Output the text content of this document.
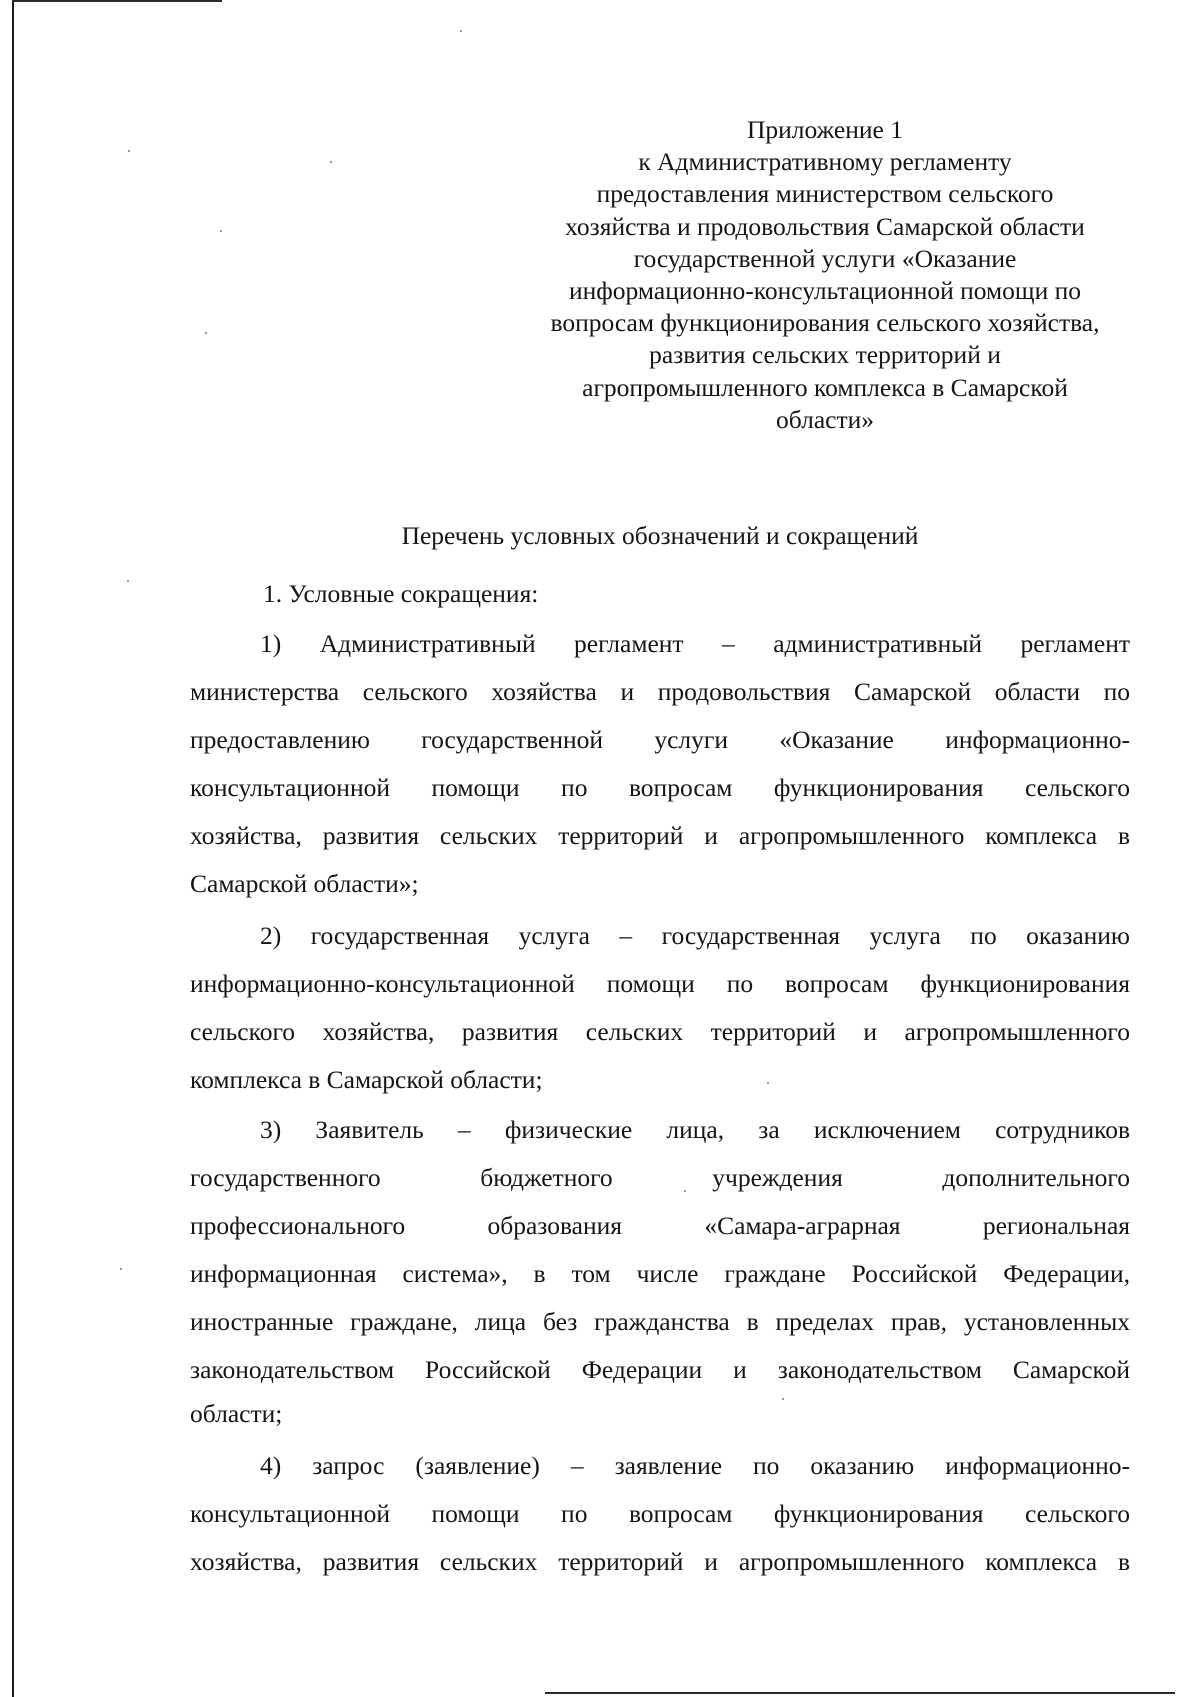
Приложение 1
к Административному регламенту
предоставления министерством сельского
хозяйства и продовольствия Самарской области
государственной услуги «Оказание
информационно-консультационной помощи по
вопросам функционирования сельского хозяйства,
развития сельских территорий и
агропромышленного комплекса в Самарской
области»
Перечень условных обозначений и сокращений
1. Условные сокращения:
1) Административный регламент – административный регламент
министерства сельского хозяйства и продовольствия Самарской области по
предоставлению государственной услуги «Оказание информационно-
консультационной помощи по вопросам функционирования сельского
хозяйства, развития сельских территорий и агропромышленного комплекса в
Самарской области»;
2) государственная услуга – государственная услуга по оказанию
информационно-консультационной помощи по вопросам функционирования
сельского хозяйства, развития сельских территорий и агропромышленного
комплекса в Самарской области;
3) Заявитель – физические лица, за исключением сотрудников
государственного бюджетного учреждения дополнительного
профессионального образования «Самара-аграрная региональная
информационная система», в том числе граждане Российской Федерации,
иностранные граждане, лица без гражданства в пределах прав, установленных
законодательством Российской Федерации и законодательством Самарской
области;
4) запрос (заявление) – заявление по оказанию информационно-
консультационной помощи по вопросам функционирования сельского
хозяйства, развития сельских территорий и агропромышленного комплекса в
